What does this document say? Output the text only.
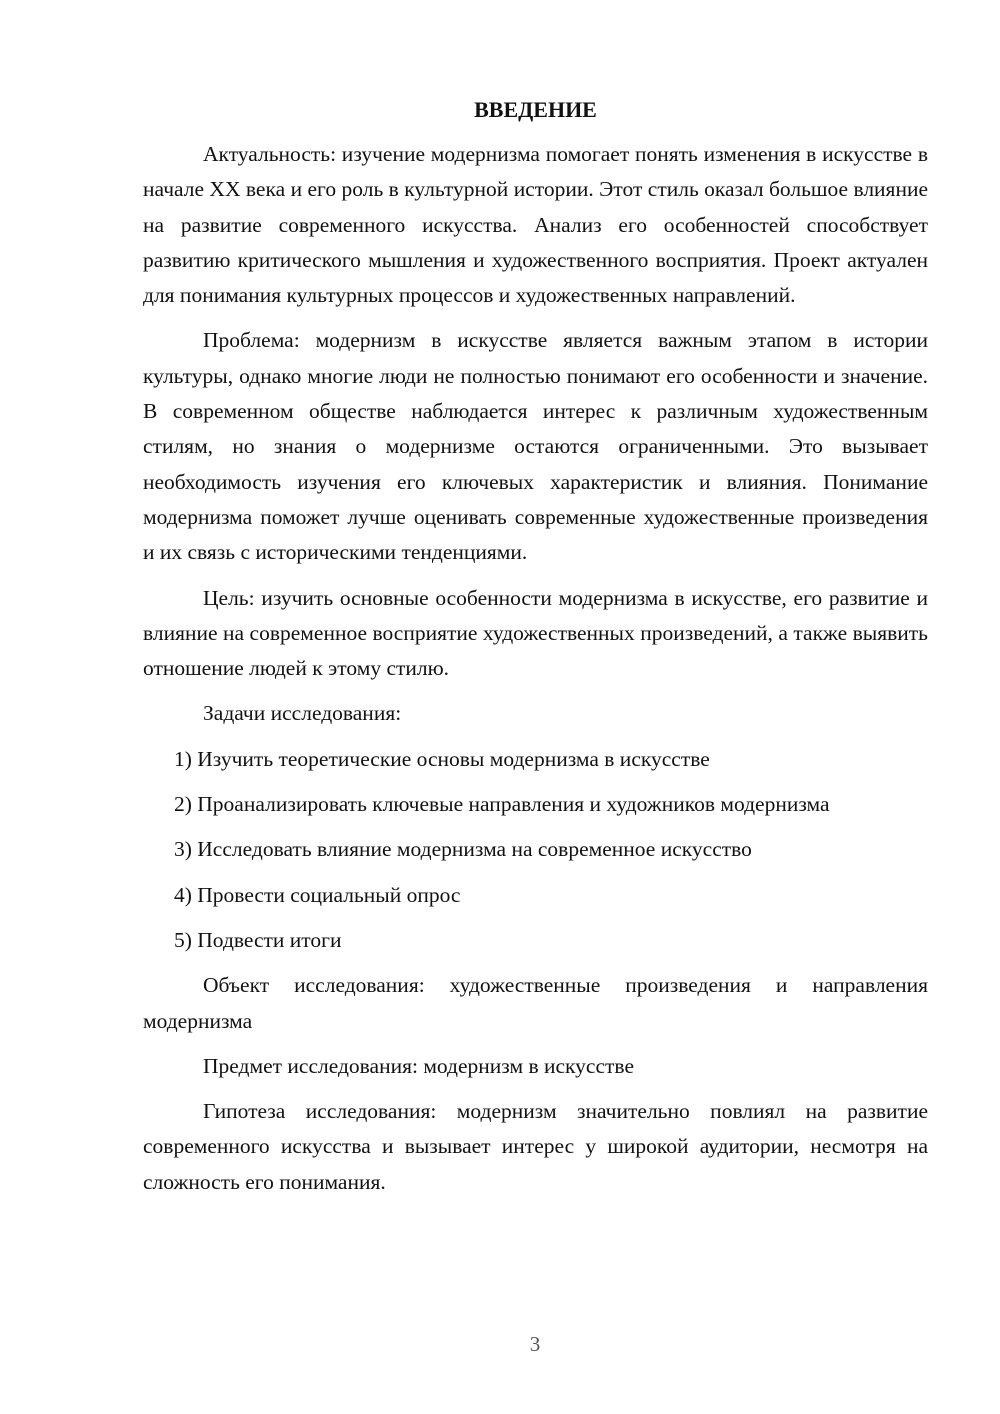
ВВЕДЕНИЕ

Актуальность: изучение модернизма помогает понять изменения в искусстве в начале XX века и его роль в культурной истории. Этот стиль оказал большое влияние на развитие современного искусства. Анализ его особенностей способствует развитию критического мышления и художественного восприятия. Проект актуален для понимания культурных процессов и художественных направлений.

Проблема: модернизм в искусстве является важным этапом в истории культуры, однако многие люди не полностью понимают его особенности и значение. В современном обществе наблюдается интерес к различным художественным стилям, но знания о модернизме остаются ограниченными. Это вызывает необходимость изучения его ключевых характеристик и влияния. Понимание модернизма поможет лучше оценивать современные художественные произведения и их связь с историческими тенденциями.

Цель: изучить основные особенности модернизма в искусстве, его развитие и влияние на современное восприятие художественных произведений, а также выявить отношение людей к этому стилю.

Задачи исследования:

1) Изучить теоретические основы модернизма в искусстве

2) Проанализировать ключевые направления и художников модернизма

3) Исследовать влияние модернизма на современное искусство

4) Провести социальный опрос

5) Подвести итоги

Объект исследования: художественные произведения и направления модернизма

Предмет исследования: модернизм в искусстве

Гипотеза исследования: модернизм значительно повлиял на развитие современного искусства и вызывает интерес у широкой аудитории, несмотря на сложность его понимания.

3
